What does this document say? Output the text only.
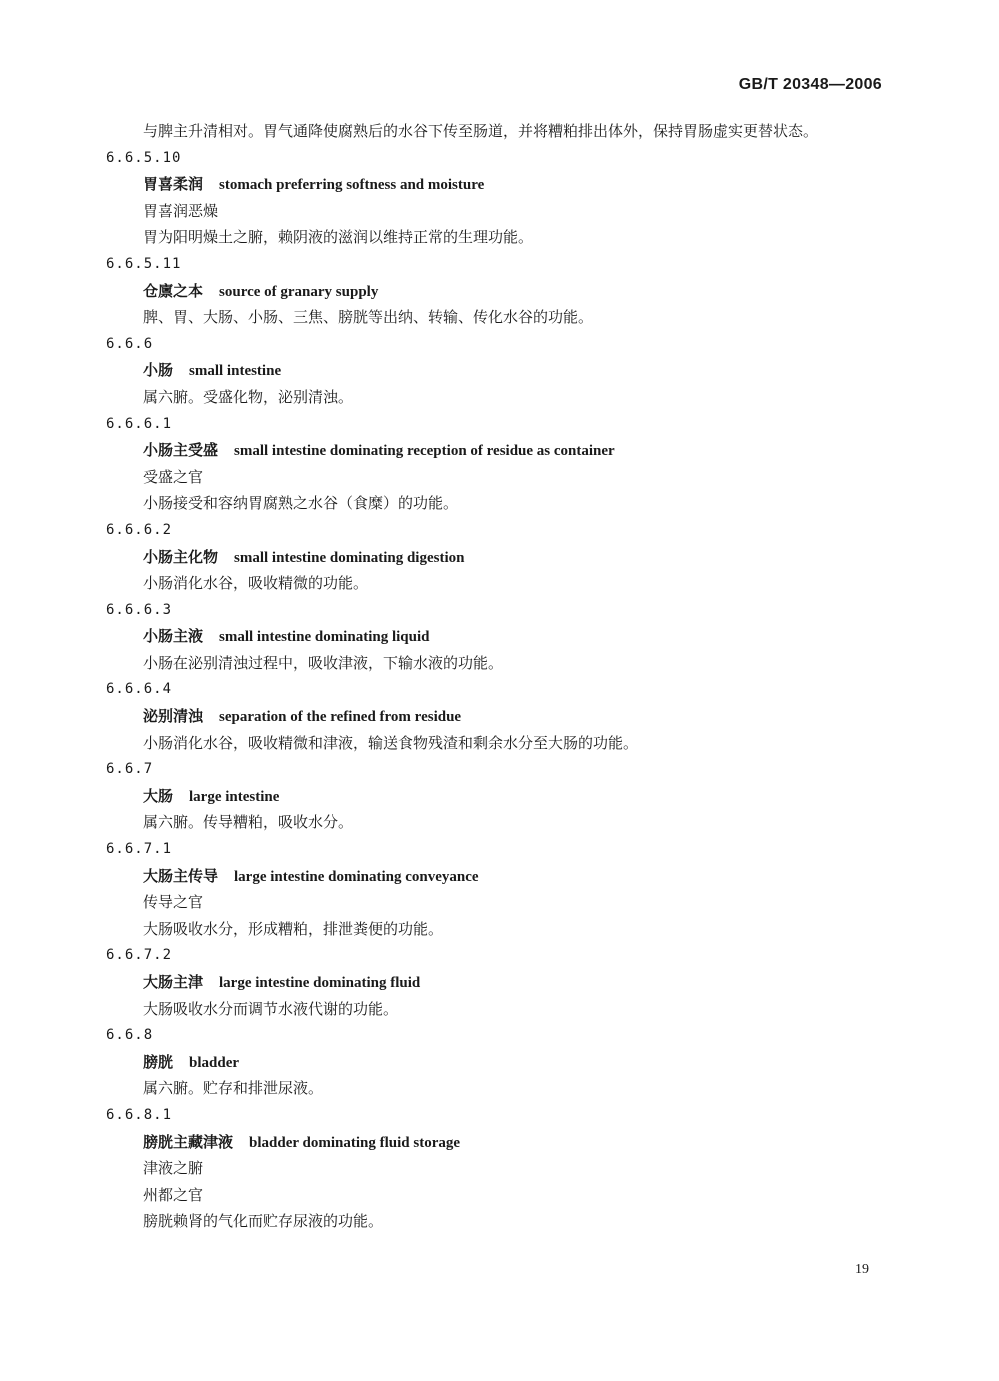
GB/T 20348—2006
与脾主升清相对。胃气通降使腐熟后的水谷下传至肠道，并将糟粕排出体外，保持胃肠虚实更替状态。
6.6.5.10
胃喜柔润 stomach preferring softness and moisture
胃喜润恶燥
胃为阳明燥土之腑，赖阴液的滋润以维持正常的生理功能。
6.6.5.11
仓廪之本 source of granary supply
脾、胃、大肠、小肠、三焦、膀胱等出纳、转输、传化水谷的功能。
6.6.6
小肠 small intestine
属六腑。受盛化物，泌别清浊。
6.6.6.1
小肠主受盛 small intestine dominating reception of residue as container
受盛之官
小肠接受和容纳胃腐熟之水谷（食糜）的功能。
6.6.6.2
小肠主化物 small intestine dominating digestion
小肠消化水谷，吸收精微的功能。
6.6.6.3
小肠主液 small intestine dominating liquid
小肠在泌别清浊过程中，吸收津液，下输水液的功能。
6.6.6.4
泌别清浊 separation of the refined from residue
小肠消化水谷，吸收精微和津液，输送食物残渣和剩余水分至大肠的功能。
6.6.7
大肠 large intestine
属六腑。传导糟粕，吸收水分。
6.6.7.1
大肠主传导 large intestine dominating conveyance
传导之官
大肠吸收水分，形成糟粕，排泄粪便的功能。
6.6.7.2
大肠主津 large intestine dominating fluid
大肠吸收水分而调节水液代谢的功能。
6.6.8
膀胱 bladder
属六腑。贮存和排泄尿液。
6.6.8.1
膀胱主藏津液 bladder dominating fluid storage
津液之腑
州都之官
膀胱赖肾的气化而贮存尿液的功能。
19
